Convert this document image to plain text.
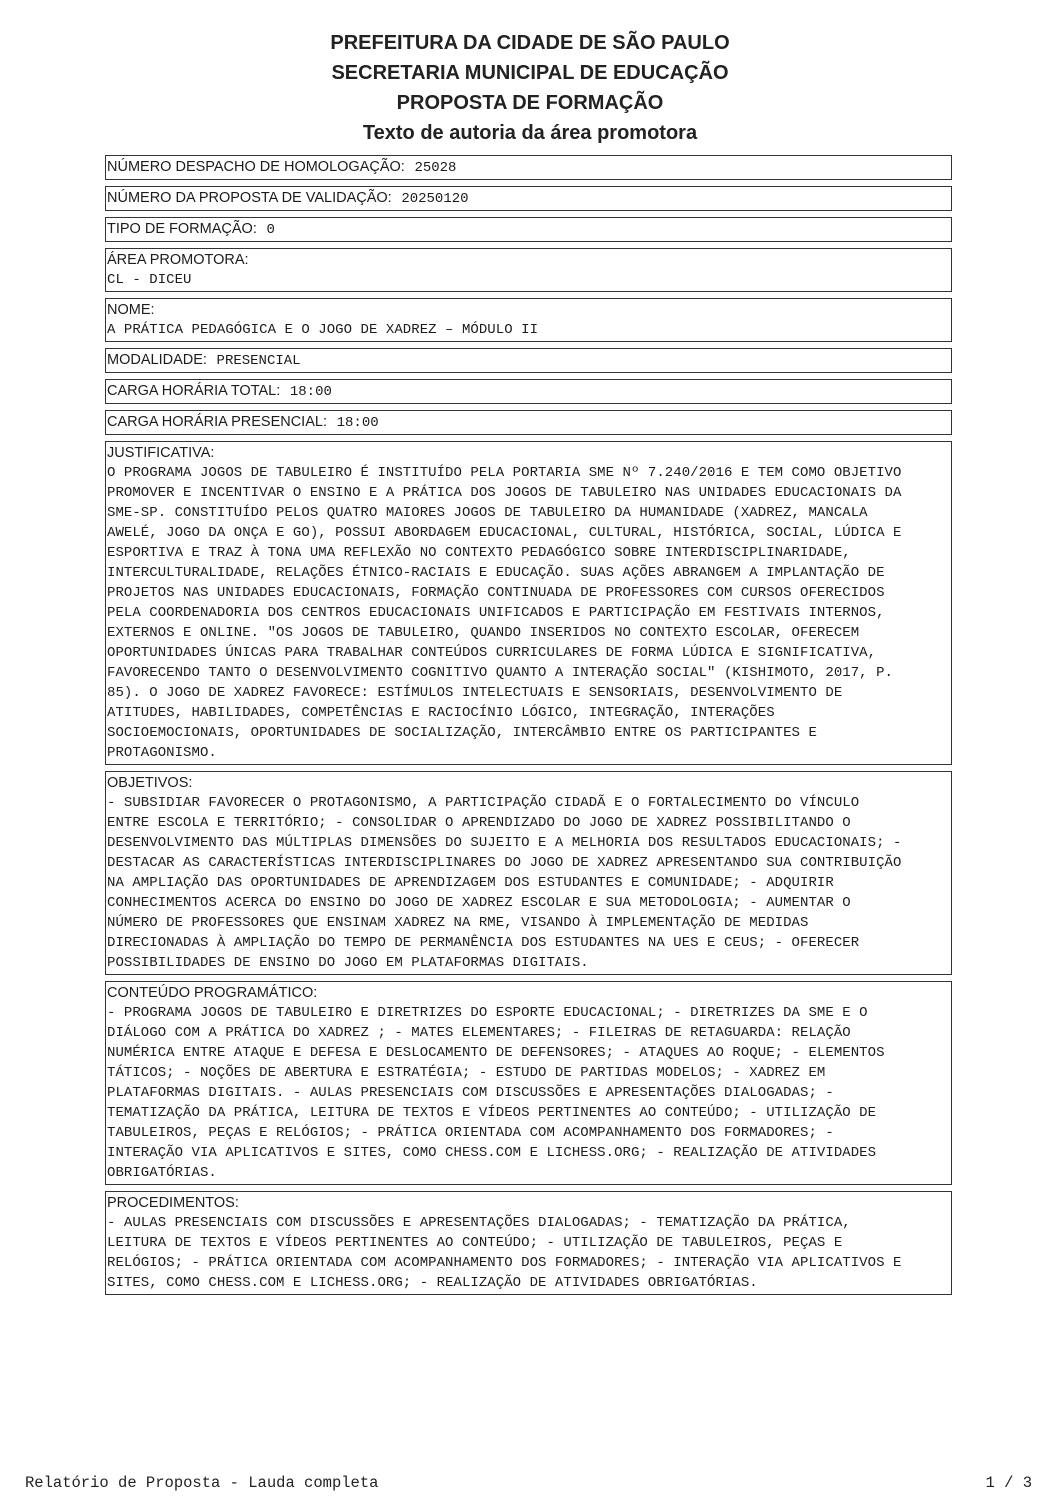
PREFEITURA DA CIDADE DE SÃO PAULO
SECRETARIA MUNICIPAL DE EDUCAÇÃO
PROPOSTA DE FORMAÇÃO
Texto de autoria da área promotora
NÚMERO DESPACHO DE HOMOLOGAÇÃO: 25028
NÚMERO DA PROPOSTA DE VALIDAÇÃO: 20250120
TIPO DE FORMAÇÃO: 0
ÁREA PROMOTORA:
CL - DICEU
NOME:
A PRÁTICA PEDAGÓGICA E O JOGO DE XADREZ – MÓDULO II
MODALIDADE: PRESENCIAL
CARGA HORÁRIA TOTAL: 18:00
CARGA HORÁRIA PRESENCIAL: 18:00
JUSTIFICATIVA:
O PROGRAMA JOGOS DE TABULEIRO É INSTITUÍDO PELA PORTARIA SME Nº 7.240/2016 E TEM COMO OBJETIVO
PROMOVER E INCENTIVAR O ENSINO E A PRÁTICA DOS JOGOS DE TABULEIRO NAS UNIDADES EDUCACIONAIS DA
SME-SP. CONSTITUÍDO PELOS QUATRO MAIORES JOGOS DE TABULEIRO DA HUMANIDADE (XADREZ, MANCALA
AWELÉ, JOGO DA ONÇA E GO), POSSUI ABORDAGEM EDUCACIONAL, CULTURAL, HISTÓRICA, SOCIAL, LÚDICA E
ESPORTIVA E TRAZ À TONA UMA REFLEXÃO NO CONTEXTO PEDAGÓGICO SOBRE INTERDISCIPLINARIDADE,
INTERCULTURALIDADE, RELAÇÕES ÉTNICO-RACIAIS E EDUCAÇÃO. SUAS AÇÕES ABRANGEM A IMPLANTAÇÃO DE
PROJETOS NAS UNIDADES EDUCACIONAIS, FORMAÇÃO CONTINUADA DE PROFESSORES COM CURSOS OFERECIDOS
PELA COORDENADORIA DOS CENTROS EDUCACIONAIS UNIFICADOS E PARTICIPAÇÃO EM FESTIVAIS INTERNOS,
EXTERNOS E ONLINE. "OS JOGOS DE TABULEIRO, QUANDO INSERIDOS NO CONTEXTO ESCOLAR, OFERECEM
OPORTUNIDADES ÚNICAS PARA TRABALHAR CONTEÚDOS CURRICULARES DE FORMA LÚDICA E SIGNIFICATIVA,
FAVORECENDO TANTO O DESENVOLVIMENTO COGNITIVO QUANTO A INTERAÇÃO SOCIAL" (KISHIMOTO, 2017, P.
85). O JOGO DE XADREZ FAVORECE: ESTÍMULOS INTELECTUAIS E SENSORIAIS, DESENVOLVIMENTO DE
ATITUDES, HABILIDADES, COMPETÊNCIAS E RACIOCÍNIO LÓGICO, INTEGRAÇÃO, INTERAÇÕES
SOCIOEMOCIONAIS, OPORTUNIDADES DE SOCIALIZAÇÃO, INTERCÂMBIO ENTRE OS PARTICIPANTES E
PROTAGONISMO.
OBJETIVOS:
- SUBSIDIAR FAVORECER O PROTAGONISMO, A PARTICIPAÇÃO CIDADÃ E O FORTALECIMENTO DO VÍNCULO
ENTRE ESCOLA E TERRITÓRIO; - CONSOLIDAR O APRENDIZADO DO JOGO DE XADREZ POSSIBILITANDO O
DESENVOLVIMENTO DAS MÚLTIPLAS DIMENSÕES DO SUJEITO E A MELHORIA DOS RESULTADOS EDUCACIONAIS; -
DESTACAR AS CARACTERÍSTICAS INTERDISCIPLINARES DO JOGO DE XADREZ APRESENTANDO SUA CONTRIBUIÇÃO
NA AMPLIAÇÃO DAS OPORTUNIDADES DE APRENDIZAGEM DOS ESTUDANTES E COMUNIDADE; - ADQUIRIR
CONHECIMENTOS ACERCA DO ENSINO DO JOGO DE XADREZ ESCOLAR E SUA METODOLOGIA; - AUMENTAR O
NÚMERO DE PROFESSORES QUE ENSINAM XADREZ NA RME, VISANDO À IMPLEMENTAÇÃO DE MEDIDAS
DIRECIONADAS À AMPLIAÇÃO DO TEMPO DE PERMANÊNCIA DOS ESTUDANTES NA UES E CEUS; - OFERECER
POSSIBILIDADES DE ENSINO DO JOGO EM PLATAFORMAS DIGITAIS.
CONTEÚDO PROGRAMÁTICO:
- PROGRAMA JOGOS DE TABULEIRO E DIRETRIZES DO ESPORTE EDUCACIONAL; - DIRETRIZES DA SME E O
DIÁLOGO COM A PRÁTICA DO XADREZ ; - MATES ELEMENTARES; - FILEIRAS DE RETAGUARDA: RELAÇÃO
NUMÉRICA ENTRE ATAQUE E DEFESA E DESLOCAMENTO DE DEFENSORES; - ATAQUES AO ROQUE; - ELEMENTOS
TÁTICOS; - NOÇÕES DE ABERTURA E ESTRATÉGIA; - ESTUDO DE PARTIDAS MODELOS; - XADREZ EM
PLATAFORMAS DIGITAIS. - AULAS PRESENCIAIS COM DISCUSSÕES E APRESENTAÇÕES DIALOGADAS; -
TEMATIZAÇÃO DA PRÁTICA, LEITURA DE TEXTOS E VÍDEOS PERTINENTES AO CONTEÚDO; - UTILIZAÇÃO DE
TABULEIROS, PEÇAS E RELÓGIOS; - PRÁTICA ORIENTADA COM ACOMPANHAMENTO DOS FORMADORES; -
INTERAÇÃO VIA APLICATIVOS E SITES, COMO CHESS.COM E LICHESS.ORG; - REALIZAÇÃO DE ATIVIDADES
OBRIGATÓRIAS.
PROCEDIMENTOS:
- AULAS PRESENCIAIS COM DISCUSSÕES E APRESENTAÇÕES DIALOGADAS; - TEMATIZAÇÃO DA PRÁTICA,
LEITURA DE TEXTOS E VÍDEOS PERTINENTES AO CONTEÚDO; - UTILIZAÇÃO DE TABULEIROS, PEÇAS E
RELÓGIOS; - PRÁTICA ORIENTADA COM ACOMPANHAMENTO DOS FORMADORES; - INTERAÇÃO VIA APLICATIVOS E
SITES, COMO CHESS.COM E LICHESS.ORG; - REALIZAÇÃO DE ATIVIDADES OBRIGATÓRIAS.
Relatório de Proposta - Lauda completa	1 / 3
